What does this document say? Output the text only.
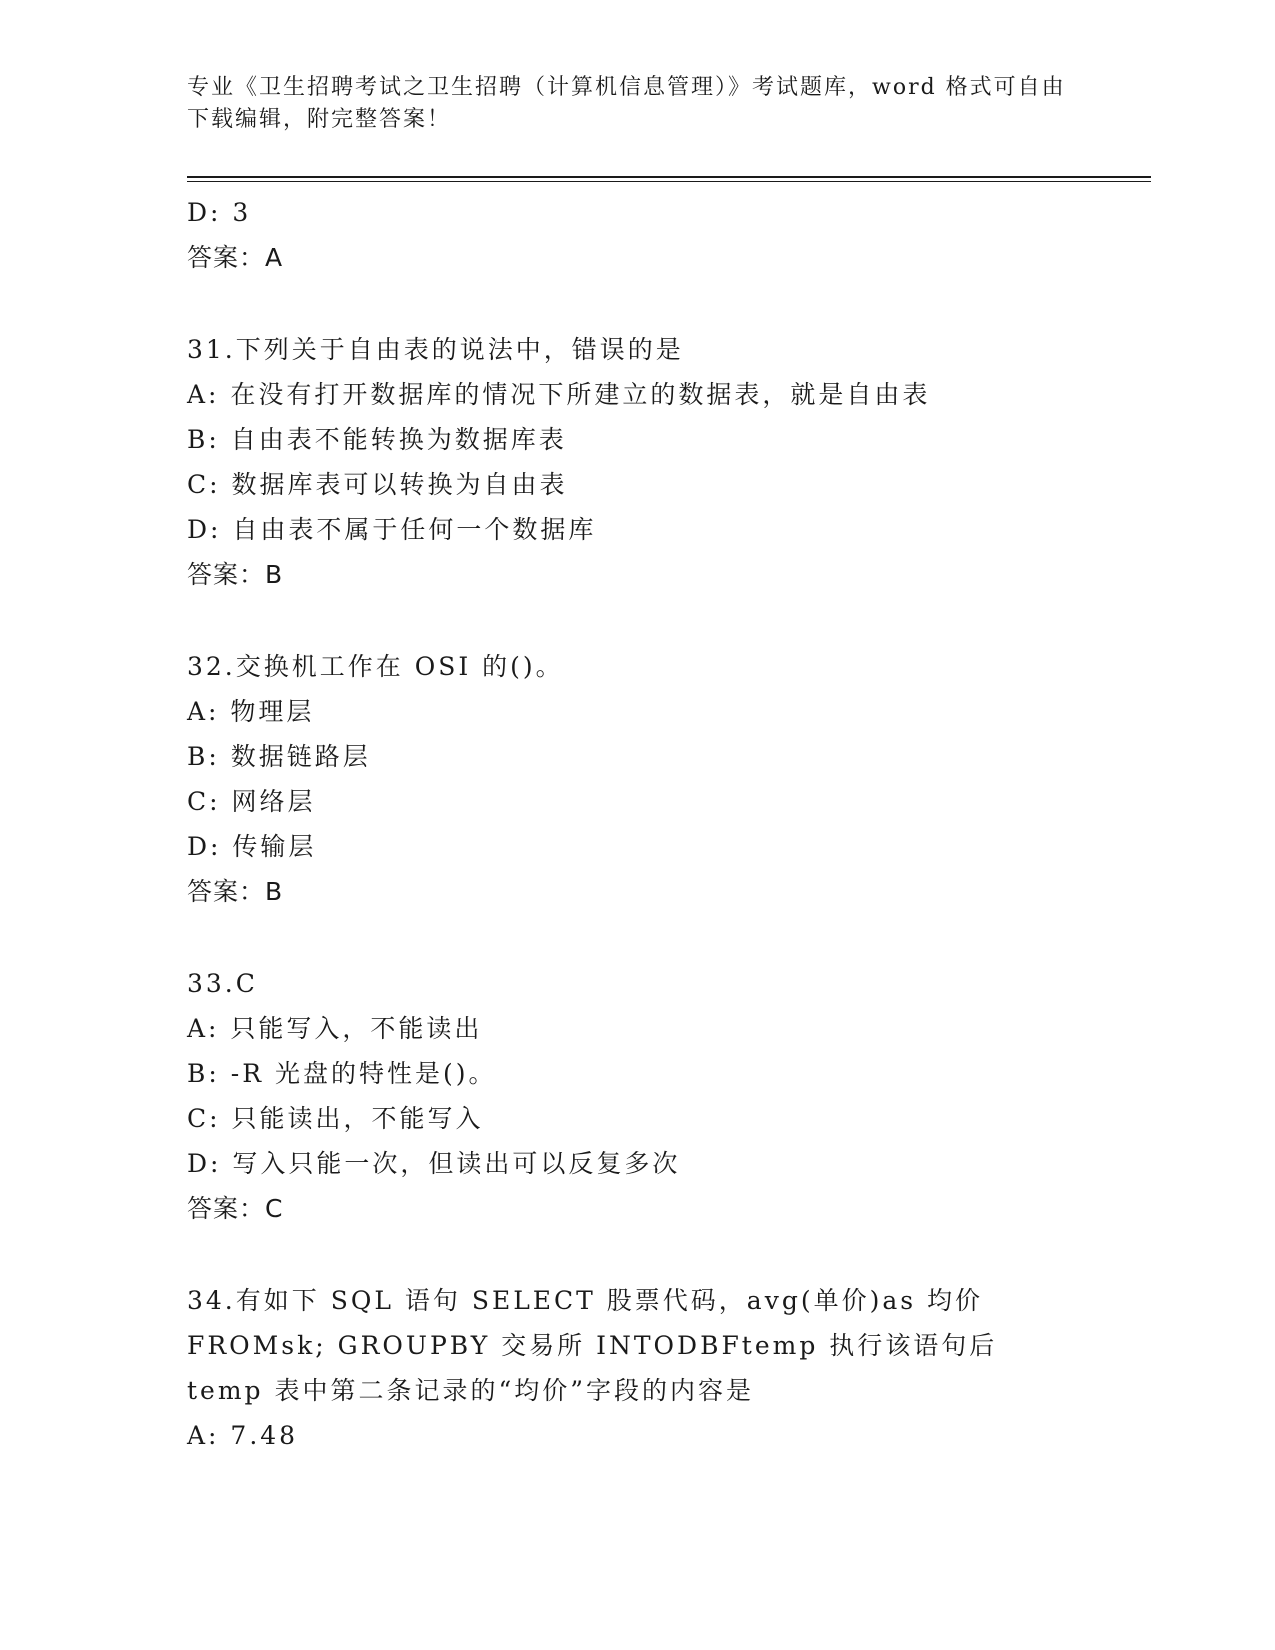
专业《卫生招聘考试之卫生招聘（计算机信息管理）》考试题库，word 格式可自由下载编辑，附完整答案！
D: 3
答案：A
31.下列关于自由表的说法中，错误的是
A: 在没有打开数据库的情况下所建立的数据表，就是自由表
B: 自由表不能转换为数据库表
C: 数据库表可以转换为自由表
D: 自由表不属于任何一个数据库
答案：B
32.交换机工作在 OSI 的()。
A: 物理层
B: 数据链路层
C: 网络层
D: 传输层
答案：B
33.C
A: 只能写入，不能读出
B: -R 光盘的特性是()。
C: 只能读出，不能写入
D: 写入只能一次，但读出可以反复多次
答案：C
34.有如下 SQL 语句 SELECT 股票代码，avg(单价)as 均价 FROMsk; GROUPBY 交易所 INTODBFtemp 执行该语句后 temp 表中第二条记录的“均价”字段的内容是
A: 7.48
